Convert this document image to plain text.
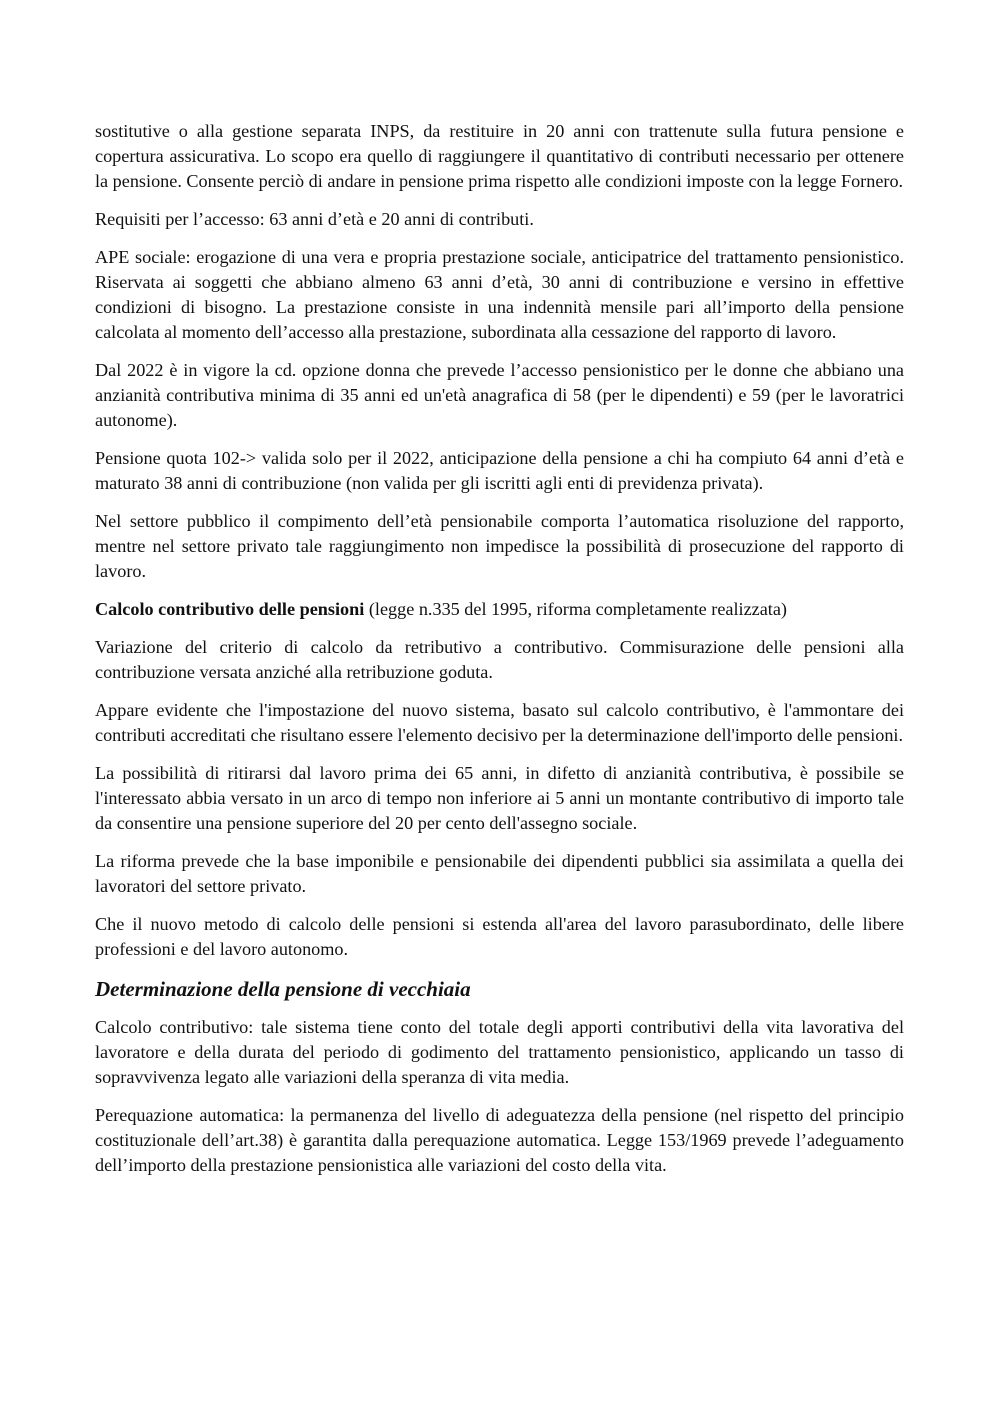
sostitutive o alla gestione separata INPS, da restituire in 20 anni con trattenute sulla futura pensione e copertura assicurativa. Lo scopo era quello di raggiungere il quantitativo di contributi necessario per ottenere la pensione. Consente perciò di andare in pensione prima rispetto alle condizioni imposte con la legge Fornero.

Requisiti per l’accesso: 63 anni d’età e 20 anni di contributi.

APE sociale: erogazione di una vera e propria prestazione sociale, anticipatrice del trattamento pensionistico. Riservata ai soggetti che abbiano almeno 63 anni d’età, 30 anni di contribuzione e versino in effettive condizioni di bisogno. La prestazione consiste in una indennità mensile pari all’importo della pensione calcolata al momento dell’accesso alla prestazione, subordinata alla cessazione del rapporto di lavoro.

Dal 2022 è in vigore la cd. opzione donna che prevede l’accesso pensionistico per le donne che abbiano una anzianità contributiva minima di 35 anni ed un'età anagrafica di 58 (per le dipendenti) e 59 (per le lavoratrici autonome).

Pensione quota 102-> valida solo per il 2022, anticipazione della pensione a chi ha compiuto 64 anni d’età e maturato 38 anni di contribuzione (non valida per gli iscritti agli enti di previdenza privata).

Nel settore pubblico il compimento dell’età pensionabile comporta l’automatica risoluzione del rapporto, mentre nel settore privato tale raggiungimento non impedisce la possibilità di prosecuzione del rapporto di lavoro.

Calcolo contributivo delle pensioni (legge n.335 del 1995, riforma completamente realizzata)

Variazione del criterio di calcolo da retributivo a contributivo. Commisurazione delle pensioni alla contribuzione versata anziché alla retribuzione goduta.

Appare evidente che l'impostazione del nuovo sistema, basato sul calcolo contributivo, è l'ammontare dei contributi accreditati che risultano essere l'elemento decisivo per la determinazione dell'importo delle pensioni.

La possibilità di ritirarsi dal lavoro prima dei 65 anni, in difetto di anzianità contributiva, è possibile se l'interessato abbia versato in un arco di tempo non inferiore ai 5 anni un montante contributivo di importo tale da consentire una pensione superiore del 20 per cento dell'assegno sociale.

La riforma prevede che la base imponibile e pensionabile dei dipendenti pubblici sia assimilata a quella dei lavoratori del settore privato.

Che il nuovo metodo di calcolo delle pensioni si estenda all'area del lavoro parasubordinato, delle libere professioni e del lavoro autonomo.

Determinazione della pensione di vecchiaia

Calcolo contributivo: tale sistema tiene conto del totale degli apporti contributivi della vita lavorativa del lavoratore e della durata del periodo di godimento del trattamento pensionistico, applicando un tasso di sopravvivenza legato alle variazioni della speranza di vita media.

Perequazione automatica: la permanenza del livello di adeguatezza della pensione (nel rispetto del principio costituzionale dell’art.38) è garantita dalla perequazione automatica. Legge 153/1969 prevede l’adeguamento dell’importo della prestazione pensionistica alle variazioni del costo della vita.
